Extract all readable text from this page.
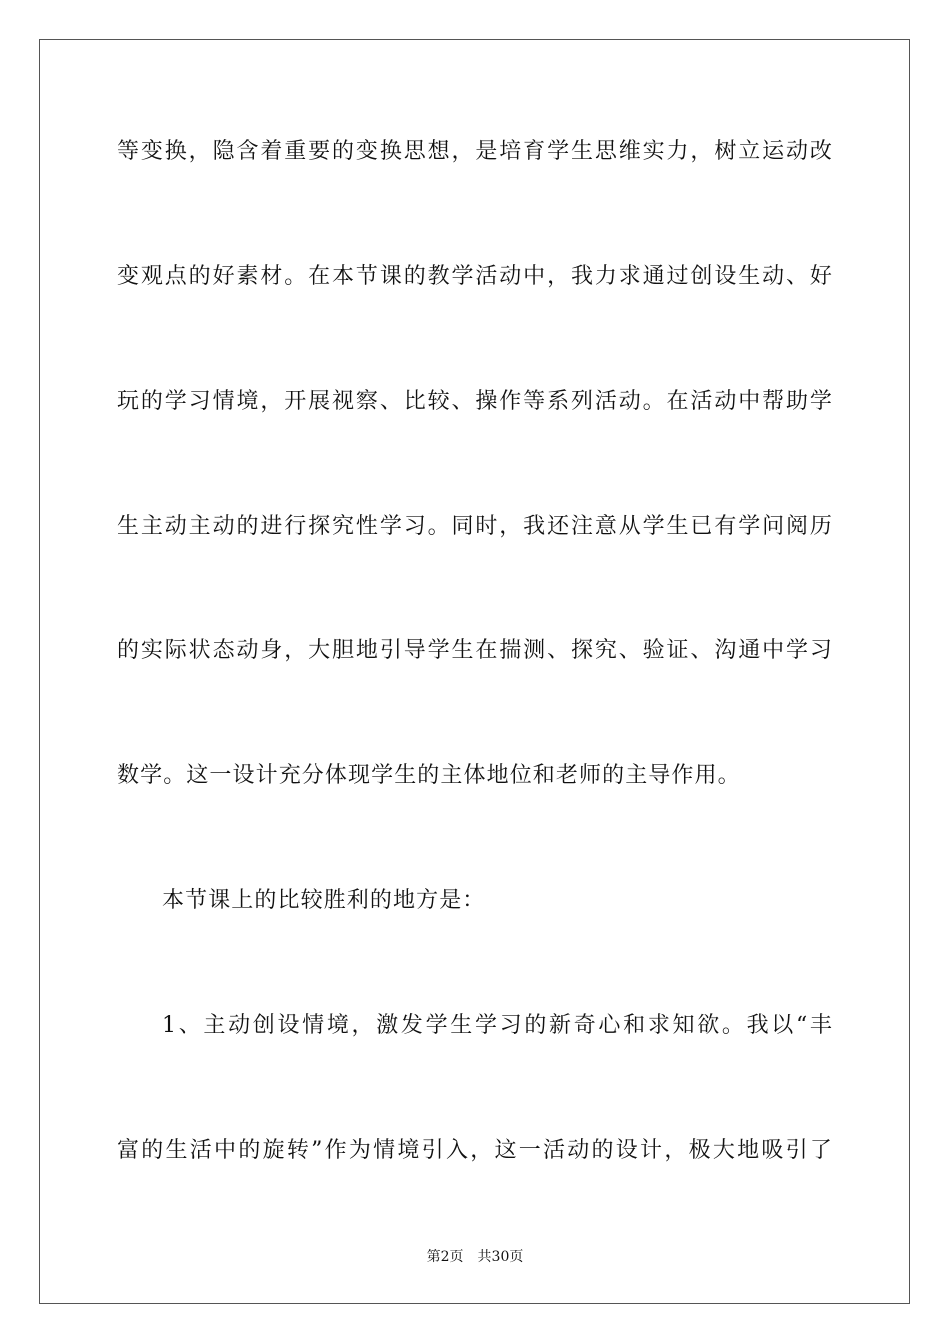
等变换，隐含着重要的变换思想，是培育学生思维实力，树立运动改
变观点的好素材。在本节课的教学活动中，我力求通过创设生动、好
玩的学习情境，开展视察、比较、操作等系列活动。在活动中帮助学
生主动主动的进行探究性学习。同时，我还注意从学生已有学问阅历
的实际状态动身，大胆地引导学生在揣测、探究、验证、沟通中学习
数学。这一设计充分体现学生的主体地位和老师的主导作用。
本节课上的比较胜利的地方是：
1、主动创设情境，激发学生学习的新奇心和求知欲。我以“丰
富的生活中的旋转”作为情境引入，这一活动的设计，极大地吸引了
第2页 共30页
